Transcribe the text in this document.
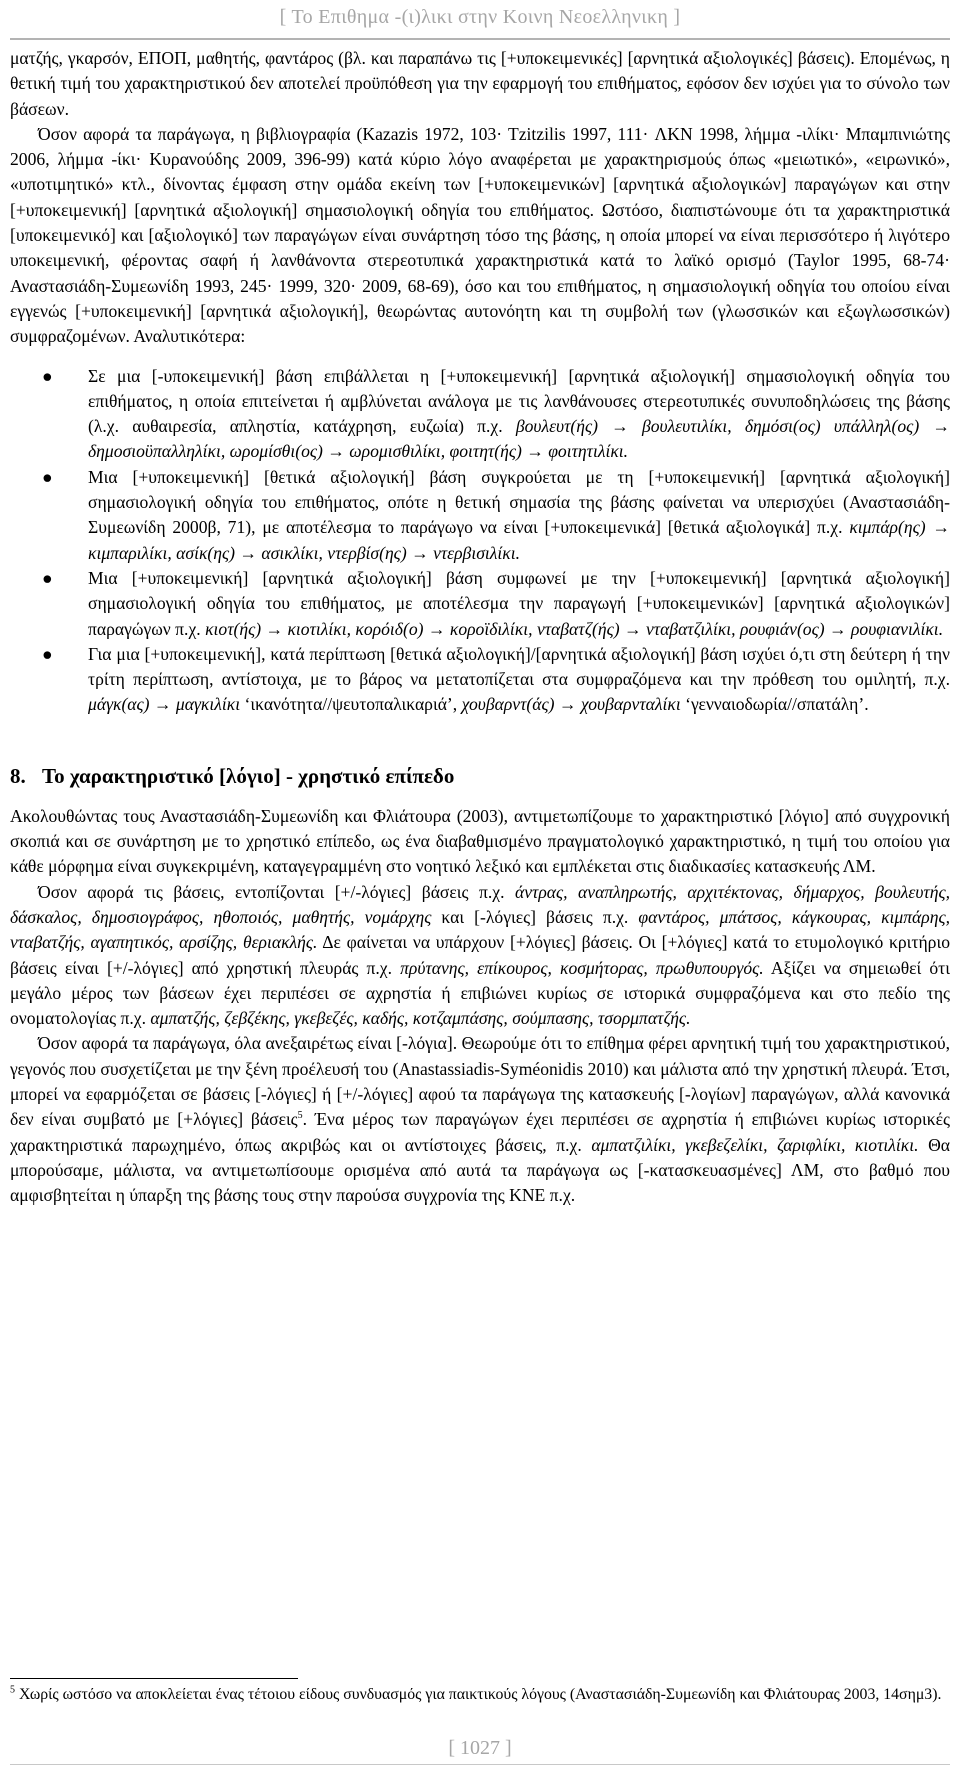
[ Το Επιθημα -(ι)λικι στην Κοινη Νεοελληνικη ]

ματζής, γκαρσόν, ΕΠΟΠ, μαθητής, φαντάρος (βλ. και παραπάνω τις [+υποκειμενικές] [αρνητικά αξιολογικές] βάσεις). Επομένως, η θετική τιμή του χαρακτηριστικού δεν αποτελεί προϋπόθεση για την εφαρμογή του επιθήματος, εφόσον δεν ισχύει για το σύνολο των βάσεων.

Όσον αφορά τα παράγωγα, η βιβλιογραφία (Kazazis 1972, 103· Tzitzilis 1997, 111· ΛΚΝ 1998, λήμμα -ιλίκι· Μπαμπινιώτης 2006, λήμμα -ίκι· Κυρανούδης 2009, 396-99) κατά κύριο λόγο αναφέρεται με χαρακτηρισμούς όπως «μειωτικό», «ειρωνικό», «υποτιμητικό» κτλ., δίνοντας έμφαση στην ομάδα εκείνη των [+υποκειμενικών] [αρνητικά αξιολογικών] παραγώγων και στην [+υποκειμενική] [αρνητικά αξιολογική] σημασιολογική οδηγία του επιθήματος. Ωστόσο, διαπιστώνουμε ότι τα χαρακτηριστικά [υποκειμενικό] και [αξιολογικό] των παραγώγων είναι συνάρτηση τόσο της βάσης, η οποία μπορεί να είναι περισσότερο ή λιγότερο υποκειμενική, φέροντας σαφή ή λανθάνοντα στερεοτυπικά χαρακτηριστικά κατά το λαϊκό ορισμό (Taylor 1995, 68-74· Αναστασιάδη-Συμεωνίδη 1993, 245· 1999, 320· 2009, 68-69), όσο και του επιθήματος, η σημασιολογική οδηγία του οποίου είναι εγγενώς [+υποκειμενική] [αρνητικά αξιολογική], θεωρώντας αυτονόητη και τη συμβολή των (γλωσσικών και εξωγλωσσικών) συμφραζομένων. Αναλυτικότερα:

● Σε μια [-υποκειμενική] βάση επιβάλλεται η [+υποκειμενική] [αρνητικά αξιολογική] σημασιολογική οδηγία του επιθήματος, η οποία επιτείνεται ή αμβλύνεται ανάλογα με τις λανθάνουσες στερεοτυπικές συνυποδηλώσεις της βάσης (λ.χ. αυθαιρεσία, απληστία, κατάχρηση, ευζωία) π.χ. βουλευτ(ής) → βουλευτιλίκι, δημόσι(ος) υπάλληλ(ος) → δημοσιοϋπαλληλίκι, ωρομίσθι(ος) → ωρομισθιλίκι, φοιτητ(ής) → φοιτητιλίκι.
● Μια [+υποκειμενική] [θετικά αξιολογική] βάση συγκρούεται με τη [+υποκειμενική] [αρνητικά αξιολογική] σημασιολογική οδηγία του επιθήματος, οπότε η θετική σημασία της βάσης φαίνεται να υπερισχύει (Αναστασιάδη-Συμεωνίδη 2000β, 71), με αποτέλεσμα το παράγωγο να είναι [+υποκειμενικά] [θετικά αξιολογικά] π.χ. κιμπάρ(ης) → κιμπαριλίκι, ασίκ(ης) → ασικλίκι, ντερβίσ(ης) → ντερβισιλίκι.
● Μια [+υποκειμενική] [αρνητικά αξιολογική] βάση συμφωνεί με την [+υποκειμενική] [αρνητικά αξιολογική] σημασιολογική οδηγία του επιθήματος, με αποτέλεσμα την παραγωγή [+υποκειμενικών] [αρνητικά αξιολογικών] παραγώγων π.χ. κιοτ(ής) → κιοτιλίκι, κορόιδ(ο) → κοροϊδιλίκι, νταβατζ(ής) → νταβατζιλίκι, ρουφιάν(ος) → ρουφιανιλίκι.
● Για μια [+υποκειμενική], κατά περίπτωση [θετικά αξιολογική]/[αρνητικά αξιολογική] βάση ισχύει ό,τι στη δεύτερη ή την τρίτη περίπτωση, αντίστοιχα, με το βάρος να μετατοπίζεται στα συμφραζόμενα και την πρόθεση του ομιλητή, π.χ. μάγκ(ας) → μαγκιλίκι ‘ικανότητα//ψευτοπαλικαριά’, χουβαρντ(άς) → χουβαρνταλίκι ‘γενναιοδωρία//σπατάλη’.
8. Το χαρακτηριστικό [λόγιο] - χρηστικό επίπεδο

Ακολουθώντας τους Αναστασιάδη-Συμεωνίδη και Φλιάτουρα (2003), αντιμετωπίζουμε το χαρακτηριστικό [λόγιο] από συγχρονική σκοπιά και σε συνάρτηση με το χρηστικό επίπεδο, ως ένα διαβαθμισμένο πραγματολογικό χαρακτηριστικό, η τιμή του οποίου για κάθε μόρφημα είναι συγκεκριμένη, καταγεγραμμένη στο νοητικό λεξικό και εμπλέκεται στις διαδικασίες κατασκευής ΛΜ.

Όσον αφορά τις βάσεις, εντοπίζονται [+/-λόγιες] βάσεις π.χ. άντρας, αναπληρωτής, αρχιτέκτονας, δήμαρχος, βουλευτής, δάσκαλος, δημοσιογράφος, ηθοποιός, μαθητής, νομάρχης και [-λόγιες] βάσεις π.χ. φαντάρος, μπάτσος, κάγκουρας, κιμπάρης, νταβατζής, αγαπητικός, αρσίζης, θεριακλής. Δε φαίνεται να υπάρχουν [+λόγιες] βάσεις. Οι [+λόγιες] κατά το ετυμολογικό κριτήριο βάσεις είναι [+/-λόγιες] από χρηστική πλευράς π.χ. πρύτανης, επίκουρος, κοσμήτορας, πρωθυπουργός. Αξίζει να σημειωθεί ότι μεγάλο μέρος των βάσεων έχει περιπέσει σε αχρηστία ή επιβιώνει κυρίως σε ιστορικά συμφραζόμενα και στο πεδίο της ονοματολογίας π.χ. αμπατζής, ζεβζέκης, γκεβεζές, καδής, κοτζαμπάσης, σούμπασης, τσορμπατζής.

Όσον αφορά τα παράγωγα, όλα ανεξαιρέτως είναι [-λόγια]. Θεωρούμε ότι το επίθημα φέρει αρνητική τιμή του χαρακτηριστικού, γεγονός που συσχετίζεται με την ξένη προέλευσή του (Anastassiadis-Syméonidis 2010) και μάλιστα από την χρηστική πλευρά. Έτσι, μπορεί να εφαρμόζεται σε βάσεις [-λόγιες] ή [+/-λόγιες] αφού τα παράγωγα της κατασκευής [-λογίων] παραγώγων, αλλά κανονικά δεν είναι συμβατό με [+λόγιες] βάσεις$^5$. Ένα μέρος των παραγώγων έχει περιπέσει σε αχρηστία ή επιβιώνει κυρίως ιστορικές χαρακτηριστικά παρωχημένο, όπως ακριβώς και οι αντίστοιχες βάσεις, π.χ. αμπατζιλίκι, γκεβεζελίκι, ζαριφλίκι, κιοτιλίκι. Θα μπορούσαμε, μάλιστα, να αντιμετωπίσουμε ορισμένα από αυτά τα παράγωγα ως [-κατασκευασμένες] ΛΜ, στο βαθμό που αμφισβητείται η ύπαρξη της βάσης τους στην παρούσα συγχρονία της ΚΝΕ π.χ.

$^5$ Χωρίς ωστόσο να αποκλείεται ένας τέτοιου είδους συνδυασμός για παικτικούς λόγους (Αναστασιάδη-Συμεωνίδη και Φλιάτουρας 2003, 14σημ3).
[ 1027 ]
